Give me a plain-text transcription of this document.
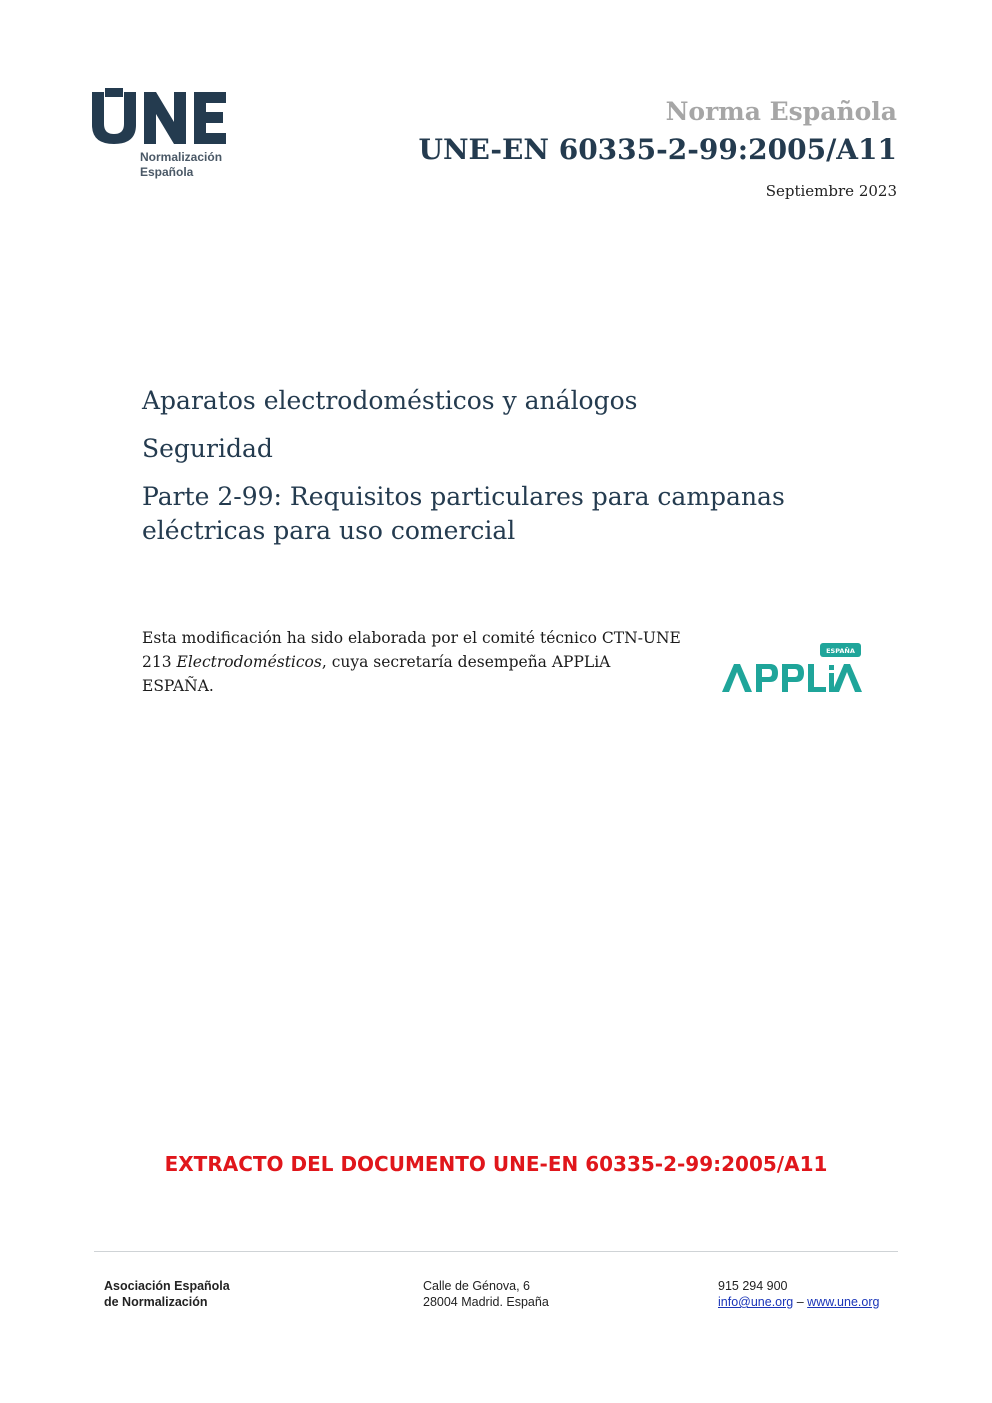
Normalización
Española
Norma Española
UNE-EN 60335-2-99:2005/A11
Septiembre 2023
Aparatos electrodomésticos y análogos
Seguridad
Parte 2-99: Requisitos particulares para campanas eléctricas para uso comercial
Esta modificación ha sido elaborada por el comité técnico CTN-UNE 213 Electrodomésticos, cuya secretaría desempeña APPLiA ESPAÑA.
ESPAÑA
EXTRACTO DEL DOCUMENTO UNE-EN 60335-2-99:2005/A11
Asociación Española
de Normalización
Calle de Génova, 6
28004 Madrid. España
915 294 900
info@une.org – www.une.org
